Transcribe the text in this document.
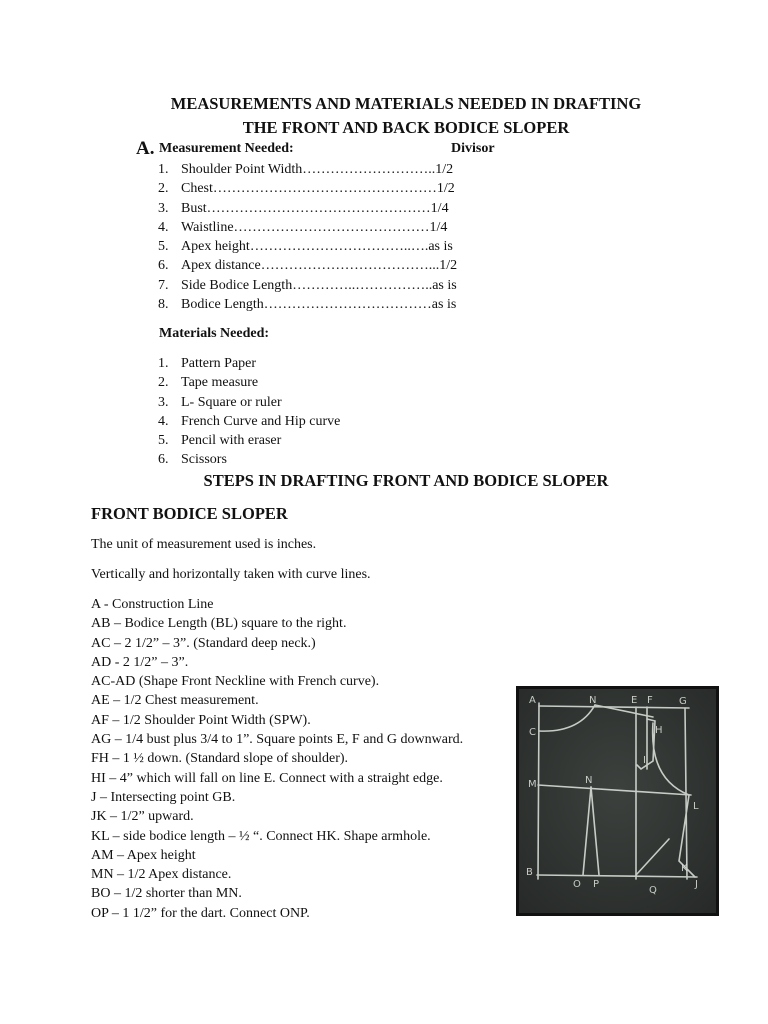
MEASUREMENTS AND MATERIALS NEEDED IN DRAFTING
THE FRONT AND BACK BODICE SLOPER
A. Measurement Needed:	Divisor
1. Shoulder Point Width………………………..1/2
2. Chest…………………………………………1/2
3. Bust…………………………………………1/4
4. Waistline……………………………………1/4
5. Apex height……………………………..….as is
6. Apex distance………………………………...1/2
7. Side Bodice Length…………..……………..as is
8. Bodice Length………………………………as is
Materials Needed:
1. Pattern Paper
2. Tape measure
3. L- Square or ruler
4. French Curve and Hip curve
5. Pencil with eraser
6. Scissors
STEPS IN DRAFTING FRONT AND BODICE SLOPER
FRONT BODICE SLOPER
The unit of measurement used is inches.
Vertically and horizontally taken with curve lines.
A - Construction Line
AB – Bodice Length (BL) square to the right.
AC – 2 1/2” – 3”. (Standard deep neck.)
AD - 2 1/2” – 3”.
AC-AD (Shape Front Neckline with French curve).
AE – 1/2 Chest measurement.
AF – 1/2 Shoulder Point Width (SPW).
AG – 1/4 bust plus 3/4 to 1”. Square points E, F and G downward.
FH – 1 ½ down. (Standard slope of shoulder).
HI – 4” which will fall on line E. Connect with a straight edge.
J – Intersecting point GB.
JK – 1/2” upward.
KL – side bodice length – ½ “. Connect HK. Shape armhole.
AM – Apex height
MN – 1/2 Apex distance.
BO – 1/2 shorter than MN.
OP – 1 1/2” for the dart. Connect ONP.
A
C
N	E F	G
H
I
M	N
L
B
O P
Q
K
J
